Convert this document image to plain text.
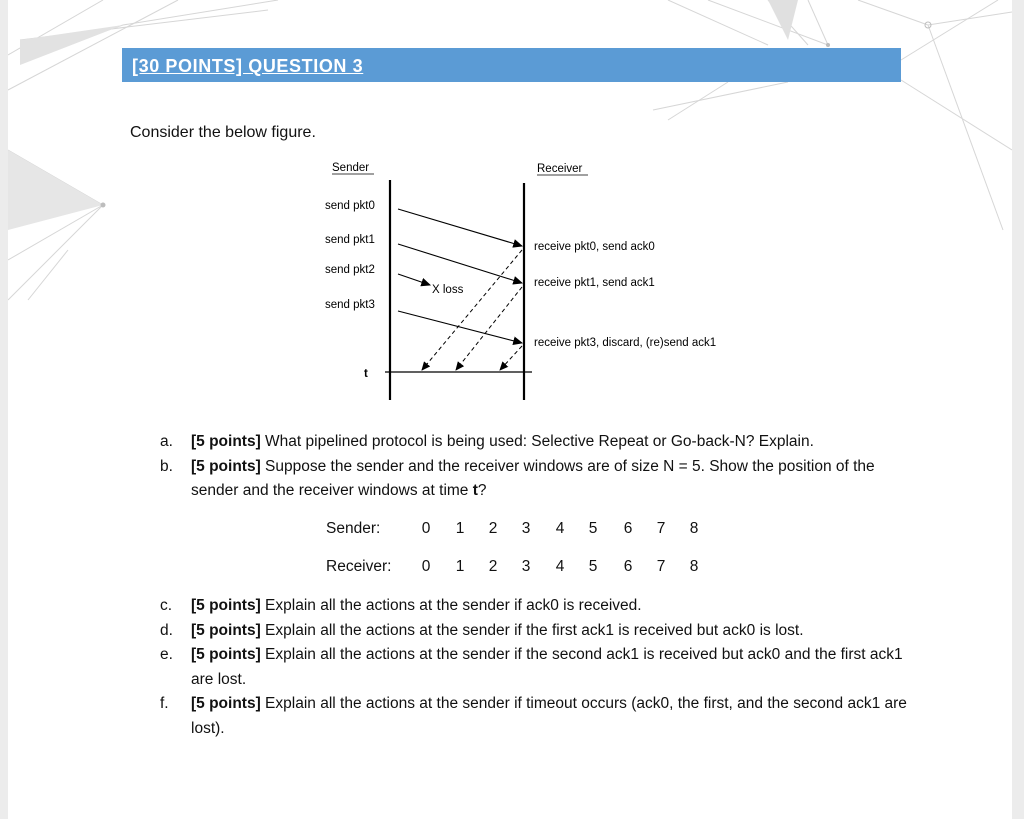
[30 POINTS] QUESTION 3
Consider the below figure.
Sender	Receiver
send pkt0
send pkt1
send pkt2
send pkt3
X loss
receive pkt0, send ack0
receive pkt1, send ack1
receive pkt3, discard, (re)send ack1
t
a. [5 points] What pipelined protocol is being used: Selective Repeat or Go-back-N? Explain.
b. [5 points] Suppose the sender and the receiver windows are of size N = 5. Show the position of the sender and the receiver windows at time t?
Sender:	0 1 2 3 4 5 6 7 8
Receiver: 0 1 2 3 4 5 6 7 8
c. [5 points] Explain all the actions at the sender if ack0 is received.
d. [5 points] Explain all the actions at the sender if the first ack1 is received but ack0 is lost.
e. [5 points] Explain all the actions at the sender if the second ack1 is received but ack0 and the first ack1 are lost.
f. [5 points] Explain all the actions at the sender if timeout occurs (ack0, the first, and the second ack1 are lost).
